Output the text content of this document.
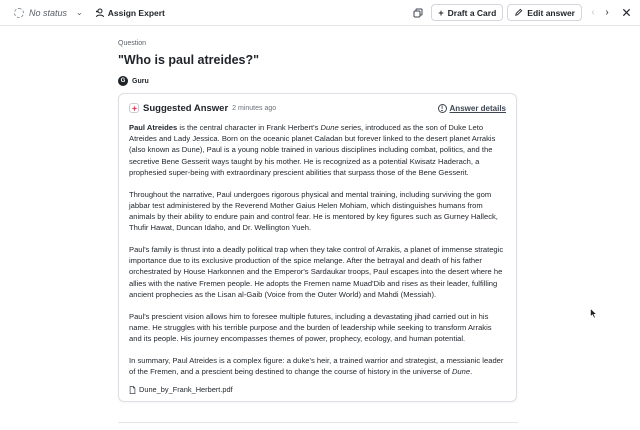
No status ⌄	Assign Expert	+ Draft a Card	Edit answer	‹	›
Question
"Who is paul atreides?"
G Guru
Suggested Answer 2 minutes ago	i Answer details

Paul Atreides is the central character in Frank Herbert's Dune series, introduced as the son of Duke Leto Atreides and Lady Jessica. Born on the oceanic planet Caladan but forever linked to the desert planet Arrakis (also known as Dune), Paul is a young noble trained in various disciplines including combat, politics, and the secretive Bene Gesserit ways taught by his mother. He is recognized as a potential Kwisatz Haderach, a prophesied super-being with extraordinary prescient abilities that surpass those of the Bene Gesserit.

Throughout the narrative, Paul undergoes rigorous physical and mental training, including surviving the gom jabbar test administered by the Reverend Mother Gaius Helen Mohiam, which distinguishes humans from animals by their ability to endure pain and control fear. He is mentored by key figures such as Gurney Halleck, Thufir Hawat, Duncan Idaho, and Dr. Wellington Yueh.

Paul's family is thrust into a deadly political trap when they take control of Arrakis, a planet of immense strategic importance due to its exclusive production of the spice melange. After the betrayal and death of his father orchestrated by House Harkonnen and the Emperor's Sardaukar troops, Paul escapes into the desert where he allies with the native Fremen people. He adopts the Fremen name Muad'Dib and rises as their leader, fulfilling ancient prophecies as the Lisan al-Gaib (Voice from the Outer World) and Mahdi (Messiah).

Paul's prescient vision allows him to foresee multiple futures, including a devastating jihad carried out in his name. He struggles with his terrible purpose and the burden of leadership while seeking to transform Arrakis and its people. His journey encompasses themes of power, prophecy, ecology, and human potential.

In summary, Paul Atreides is a complex figure: a duke's heir, a trained warrior and strategist, a messianic leader of the Fremen, and a prescient being destined to change the course of history in the universe of Dune.

Dune_by_Frank_Herbert.pdf
